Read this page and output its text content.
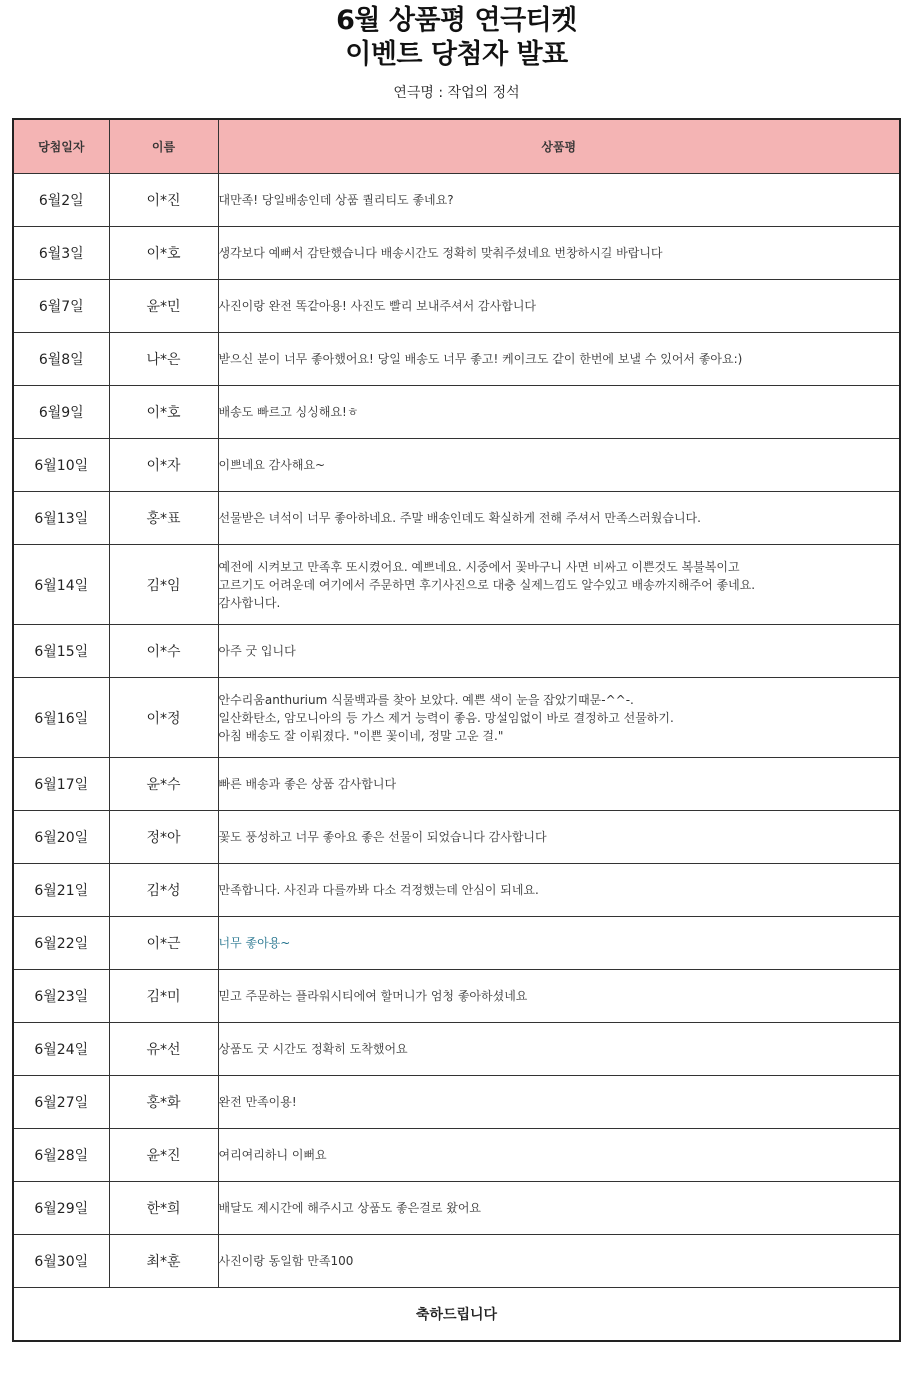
6월 상품평 연극티켓
이벤트 당첨자 발표
연극명 : 작업의 정석
당첨일자	이름	상품평
6월2일	이*진	대만족! 당일배송인데 상품 퀄리티도 좋네요?

6월3일	이*호	생각보다 예뻐서 감탄했습니다 배송시간도 정확히 맞춰주셨네요 번창하시길 바랍니다

6월7일	윤*민	사진이랑 완전 똑같아용! 사진도 빨리 보내주셔서 감사합니다

6월8일	나*은	받으신 분이 너무 좋아했어요! 당일 배송도 너무 좋고! 케이크도 같이 한번에 보낼 수 있어서 좋아요:)

6월9일	이*호	배송도 빠르고 싱싱해요!ㅎ

6월10일	이*자	이쁘네요 감사해요~

6월13일	홍*표	선물받은 녀석이 너무 좋아하네요. 주말 배송인데도 확실하게 전해 주셔서 만족스러웠습니다.

6월14일	김*임	예전에 시켜보고 만족후 또시켰어요. 예쁘네요. 시중에서 꽃바구니 사면 비싸고 이쁜것도 복불복이고
고르기도 어려운데 여기에서 주문하면 후기사진으로 대충 실제느낌도 알수있고 배송까지해주어 좋네요.
감사합니다.

6월15일	이*수	아주 굿 입니다

6월16일	이*정	안수리움anthurium 식물백과를 찾아 보았다. 예쁜 색이 눈을 잡았기때문-^^-.
일산화탄소, 암모니아의 등 가스 제거 능력이 좋음. 망설임없이 바로 결정하고 선물하기.
아침 배송도 잘 이뤄졌다. "이쁜 꽃이네, 정말 고운 걸."

6월17일	윤*수	빠른 배송과 좋은 상품 감사합니다

6월20일	정*아	꽃도 풍성하고 너무 좋아요 좋은 선물이 되었습니다 감사합니다

6월21일	김*성	만족합니다. 사진과 다를까봐 다소 걱정했는데 안심이 되네요.

6월22일	이*근	너무 좋아용~

6월23일	김*미	믿고 주문하는 플라워시티에여 할머니가 엄청 좋아하셨네요

6월24일	유*선	상품도 굿 시간도 정확히 도착했어요

6월27일	홍*화	완전 만족이용!

6월28일	윤*진	여리여리하니 이뻐요

6월29일	한*희	배달도 제시간에 해주시고 상품도 좋은걸로 왔어요

6월30일	최*훈	사진이랑 동일함 만족100

축하드립니다		
